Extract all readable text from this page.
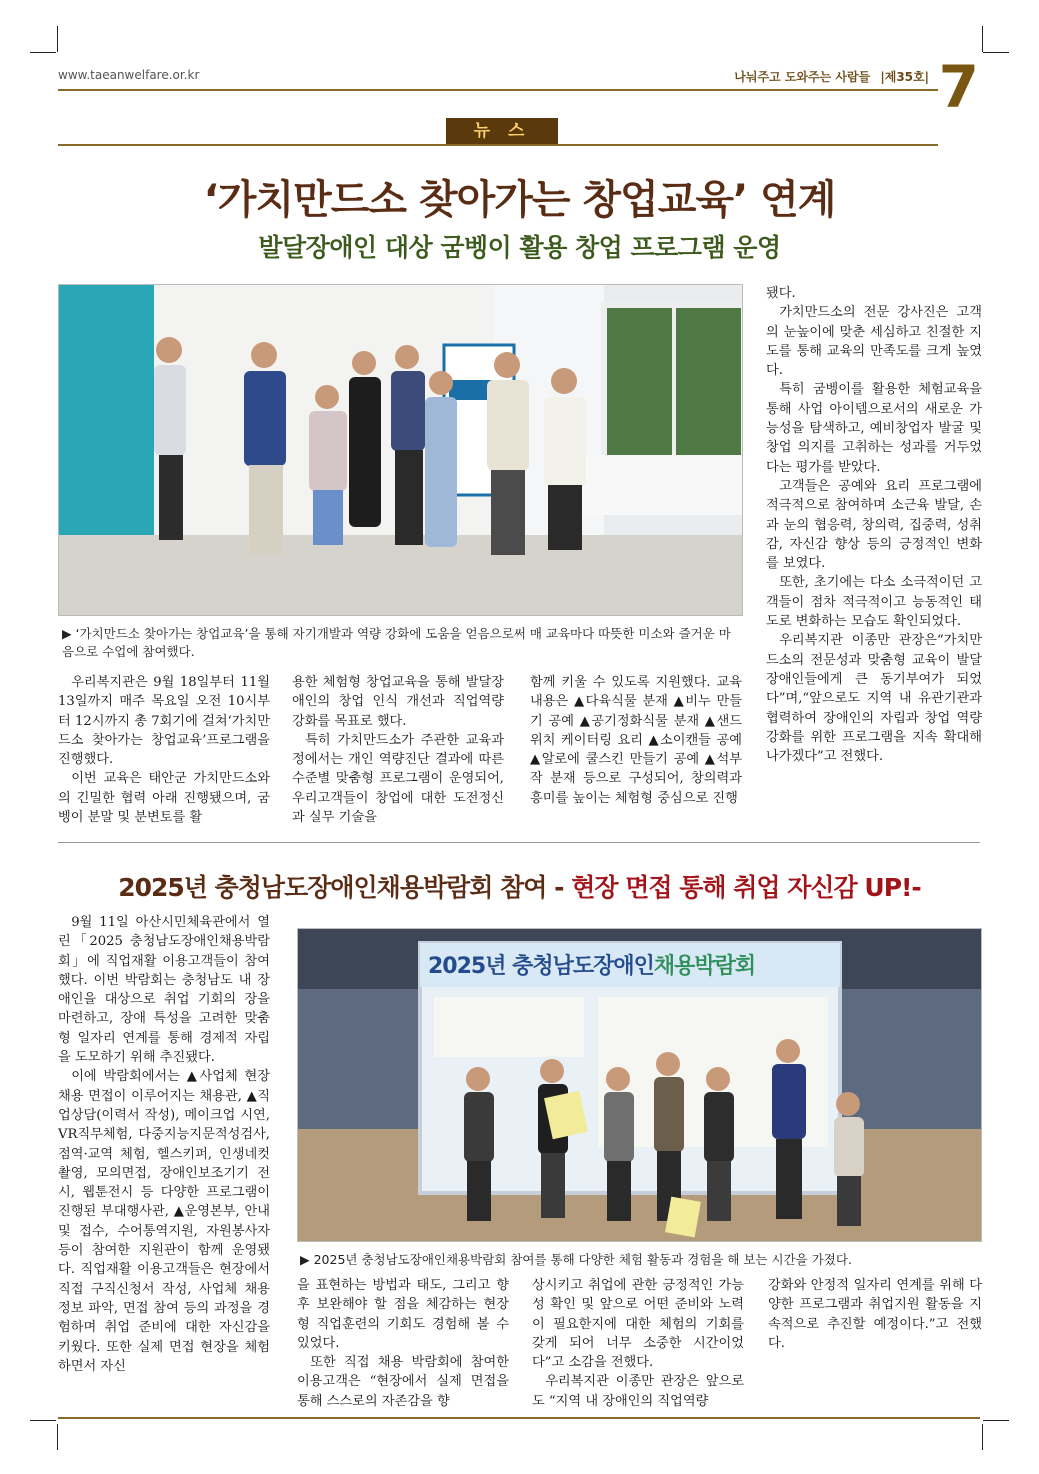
www.taeanwelfare.or.kr	나눠주고 도와주는 사람들 |제35호| 7
뉴 스
‘가치만드소 찾아가는 창업교육’ 연계
발달장애인 대상 굼벵이 활용 창업 프로그램 운영
▶ ‘가치만드소 찾아가는 창업교육’을 통해 자기개발과 역량 강화에 도움을 얻음으로써 매 교육마다 따뜻한 미소와 즐거운 마음으로 수업에 참여했다.

우리복지관은 9월 18일부터 11월 13일까지 매주 목요일 오전 10시부터 12시까지 총 7회기에 걸쳐‘가치만드소 찾아가는 창업교육’프로그램을 진행했다.

이번 교육은 태안군 가치만드소와의 긴밀한 협력 아래 진행됐으며, 굼벵이 분말 및 분변토를 활

용한 체험형 창업교육을 통해 발달장애인의 창업 인식 개선과 직업역량 강화를 목표로 했다.

특히 가치만드소가 주관한 교육과정에서는 개인 역량진단 결과에 따른 수준별 맞춤형 프로그램이 운영되어, 우리고객들이 창업에 대한 도전정신과 실무 기술을

함께 키울 수 있도록 지원했다. 교육 내용은 ▲다육식물 분재 ▲비누 만들기 공예 ▲공기정화식물 분재 ▲샌드위치 케이터링 요리 ▲소이캔들 공예 ▲알로에 쿨스킨 만들기 공예 ▲석부작 분재 등으로 구성되어, 창의력과 흥미를 높이는 체험형 중심으로 진행

됐다.

가치만드소의 전문 강사진은 고객의 눈높이에 맞춘 세심하고 친절한 지도를 통해 교육의 만족도를 크게 높였다.

특히 굼벵이를 활용한 체험교육을 통해 사업 아이템으로서의 새로운 가능성을 탐색하고, 예비창업자 발굴 및 창업 의지를 고취하는 성과를 거두었다는 평가를 받았다.

고객들은 공예와 요리 프로그램에 적극적으로 참여하며 소근육 발달, 손과 눈의 협응력, 창의력, 집중력, 성취감, 자신감 향상 등의 긍정적인 변화를 보였다.

또한, 초기에는 다소 소극적이던 고객들이 점차 적극적이고 능동적인 태도로 변화하는 모습도 확인되었다.

우리복지관 이종만 관장은“가치만드소의 전문성과 맞춤형 교육이 발달장애인들에게 큰 동기부여가 되었다”며,“앞으로도 지역 내 유관기관과 협력하여 장애인의 자립과 창업 역량 강화를 위한 프로그램을 지속 확대해 나가겠다”고 전했다.

2025년 충청남도장애인채용박람회 참여 - 현장 면접 통해 취업 자신감 UP!-

9월 11일 아산시민체육관에서 열린「2025 충청남도장애인채용박람회」에 직업재활 이용고객들이 참여했다. 이번 박람회는 충청남도 내 장애인을 대상으로 취업 기회의 장을 마련하고, 장애 특성을 고려한 맞춤형 일자리 연계를 통해 경제적 자립을 도모하기 위해 추진됐다.

이에 박람회에서는 ▲사업체 현장 채용 면접이 이루어지는 채용관, ▲직업상담(이력서 작성), 메이크업 시연, VR직무체험, 다중지능지문적성검사, 점역·교역 체험, 헬스키퍼, 인생네컷 촬영, 모의면접, 장애인보조기기 전시, 웹툰전시 등 다양한 프로그램이 진행된 부대행사관, ▲운영본부, 안내 및 접수, 수어통역지원, 자원봉사자 등이 참여한 지원관이 함께 운영됐다. 직업재활 이용고객들은 현장에서 직접 구직신청서 작성, 사업체 채용정보 파악, 면접 참여 등의 과정을 경험하며 취업 준비에 대한 자신감을 키웠다. 또한 실제 면접 현장을 체험하면서 자신

2025년 충청남도장애인채용박람회
▶ 2025년 충청남도장애인채용박람회 참여를 통해 다양한 체험 활동과 경험을 해 보는 시간을 가졌다.

을 표현하는 방법과 태도, 그리고 향후 보완해야 할 점을 체감하는 현장형 직업훈련의 기회도 경험해 볼 수 있었다.

또한 직접 채용 박람회에 참여한 이용고객은 “현장에서 실제 면접을 통해 스스로의 자존감을 향

상시키고 취업에 관한 긍정적인 가능성 확인 및 앞으로 어떤 준비와 노력이 필요한지에 대한 체험의 기회를 갖게 되어 너무 소중한 시간이었다”고 소감을 전했다.

우리복지관 이종만 관장은 앞으로도 “지역 내 장애인의 직업역량

강화와 안정적 일자리 연계를 위해 다양한 프로그램과 취업지원 활동을 지속적으로 추진할 예정이다.”고 전했다.
